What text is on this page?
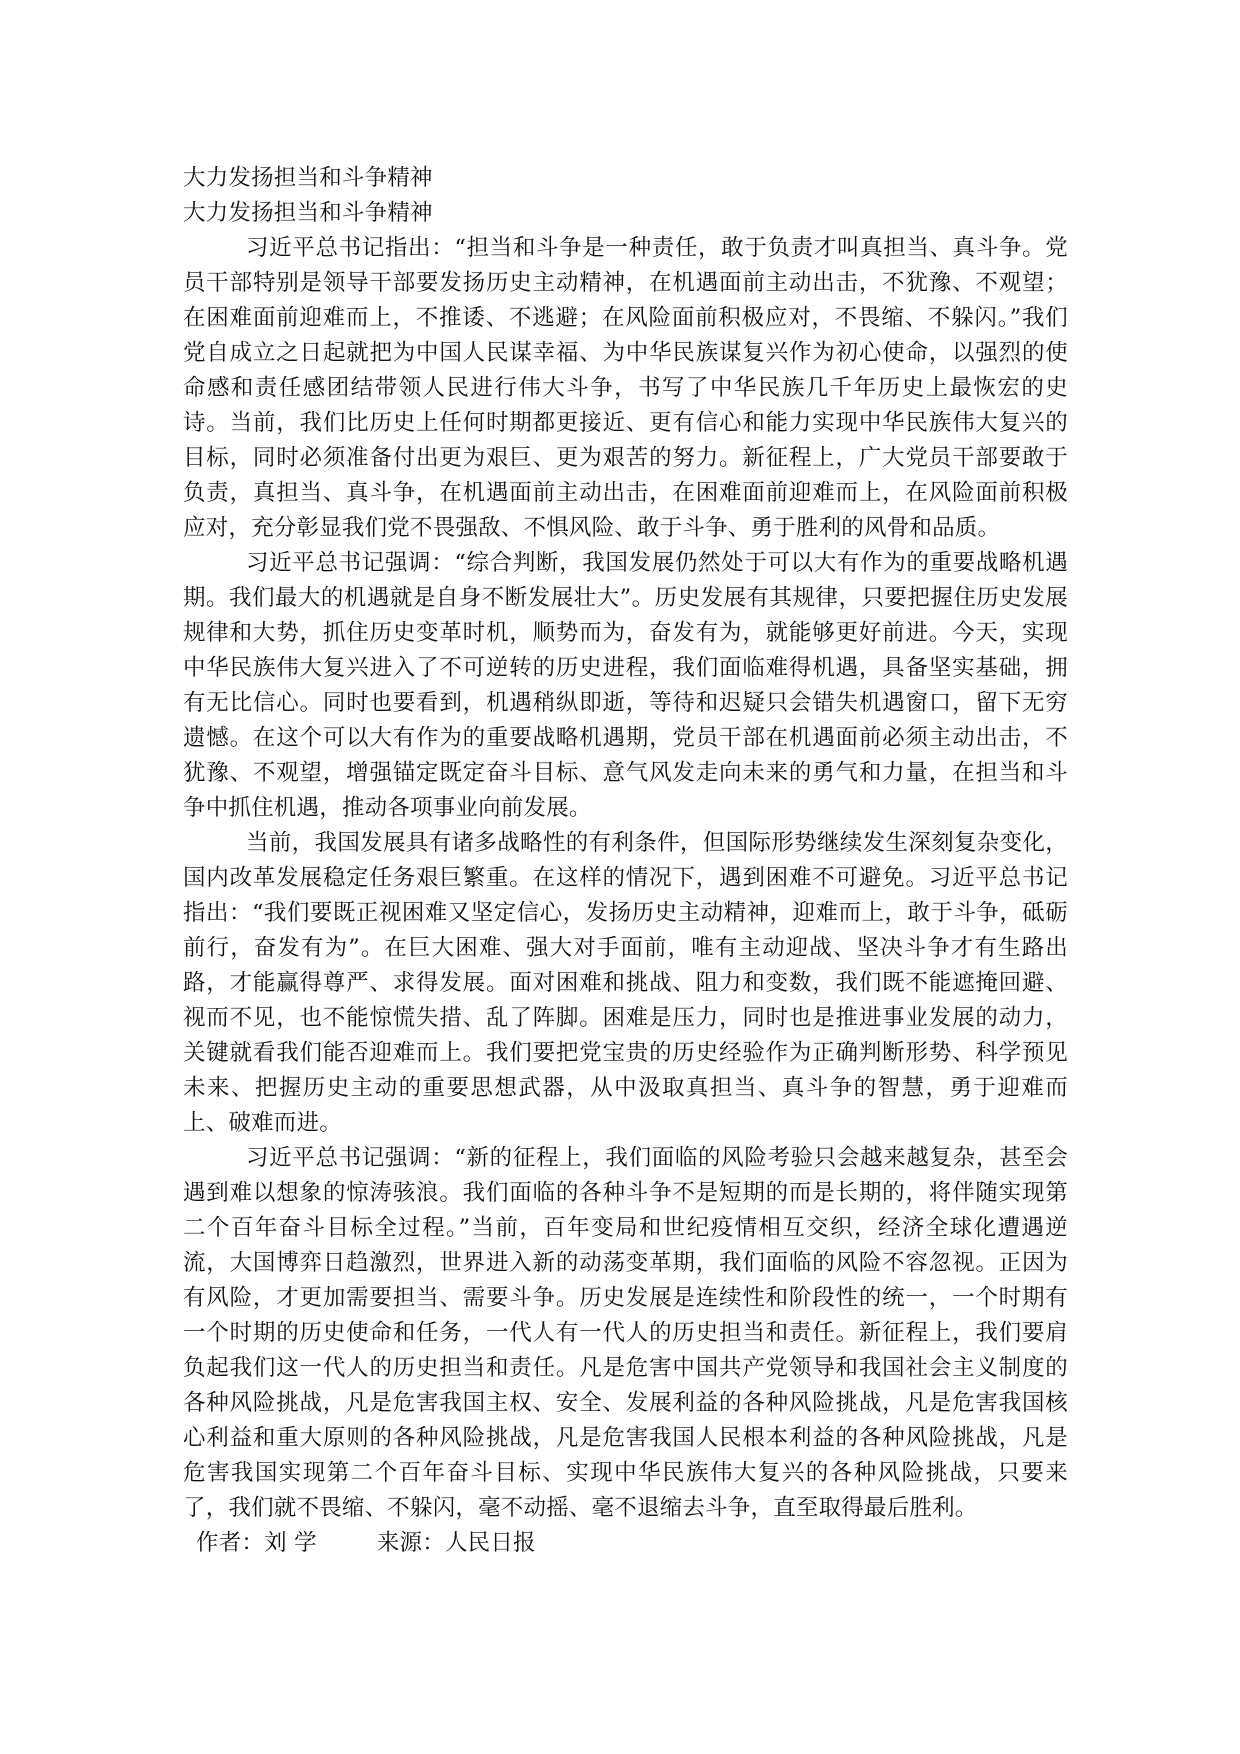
大力发扬担当和斗争精神
大力发扬担当和斗争精神

习近平总书记指出：“担当和斗争是一种责任，敢于负责才叫真担当、真斗争。党员干部特别是领导干部要发扬历史主动精神，在机遇面前主动出击，不犹豫、不观望；在困难面前迎难而上，不推诿、不逃避；在风险面前积极应对，不畏缩、不躲闪。”我们党自成立之日起就把为中国人民谋幸福、为中华民族谋复兴作为初心使命，以强烈的使命感和责任感团结带领人民进行伟大斗争，书写了中华民族几千年历史上最恢宏的史诗。当前，我们比历史上任何时期都更接近、更有信心和能力实现中华民族伟大复兴的目标，同时必须准备付出更为艰巨、更为艰苦的努力。新征程上，广大党员干部要敢于负责，真担当、真斗争，在机遇面前主动出击，在困难面前迎难而上，在风险面前积极应对，充分彰显我们党不畏强敌、不惧风险、敢于斗争、勇于胜利的风骨和品质。

习近平总书记强调：“综合判断，我国发展仍然处于可以大有作为的重要战略机遇期。我们最大的机遇就是自身不断发展壮大”。历史发展有其规律，只要把握住历史发展规律和大势，抓住历史变革时机，顺势而为，奋发有为，就能够更好前进。今天，实现中华民族伟大复兴进入了不可逆转的历史进程，我们面临难得机遇，具备坚实基础，拥有无比信心。同时也要看到，机遇稍纵即逝，等待和迟疑只会错失机遇窗口，留下无穷遗憾。在这个可以大有作为的重要战略机遇期，党员干部在机遇面前必须主动出击，不犹豫、不观望，增强锚定既定奋斗目标、意气风发走向未来的勇气和力量，在担当和斗争中抓住机遇，推动各项事业向前发展。

当前，我国发展具有诸多战略性的有利条件，但国际形势继续发生深刻复杂变化，国内改革发展稳定任务艰巨繁重。在这样的情况下，遇到困难不可避免。习近平总书记指出：“我们要既正视困难又坚定信心，发扬历史主动精神，迎难而上，敢于斗争，砥砺前行，奋发有为”。在巨大困难、强大对手面前，唯有主动迎战、坚决斗争才有生路出路，才能赢得尊严、求得发展。面对困难和挑战、阻力和变数，我们既不能遮掩回避、视而不见，也不能惊慌失措、乱了阵脚。困难是压力，同时也是推进事业发展的动力，关键就看我们能否迎难而上。我们要把党宝贵的历史经验作为正确判断形势、科学预见未来、把握历史主动的重要思想武器，从中汲取真担当、真斗争的智慧，勇于迎难而上、破难而进。

习近平总书记强调：“新的征程上，我们面临的风险考验只会越来越复杂，甚至会遇到难以想象的惊涛骇浪。我们面临的各种斗争不是短期的而是长期的，将伴随实现第二个百年奋斗目标全过程。”当前，百年变局和世纪疫情相互交织，经济全球化遭遇逆流，大国博弈日趋激烈，世界进入新的动荡变革期，我们面临的风险不容忽视。正因为有风险，才更加需要担当、需要斗争。历史发展是连续性和阶段性的统一，一个时期有一个时期的历史使命和任务，一代人有一代人的历史担当和责任。新征程上，我们要肩负起我们这一代人的历史担当和责任。凡是危害中国共产党领导和我国社会主义制度的各种风险挑战，凡是危害我国主权、安全、发展利益的各种风险挑战，凡是危害我国核心利益和重大原则的各种风险挑战，凡是危害我国人民根本利益的各种风险挑战，凡是危害我国实现第二个百年奋斗目标、实现中华民族伟大复兴的各种风险挑战，只要来了，我们就不畏缩、不躲闪，毫不动摇、毫不退缩去斗争，直至取得最后胜利。

作者：刘 学	来源：人民日报
